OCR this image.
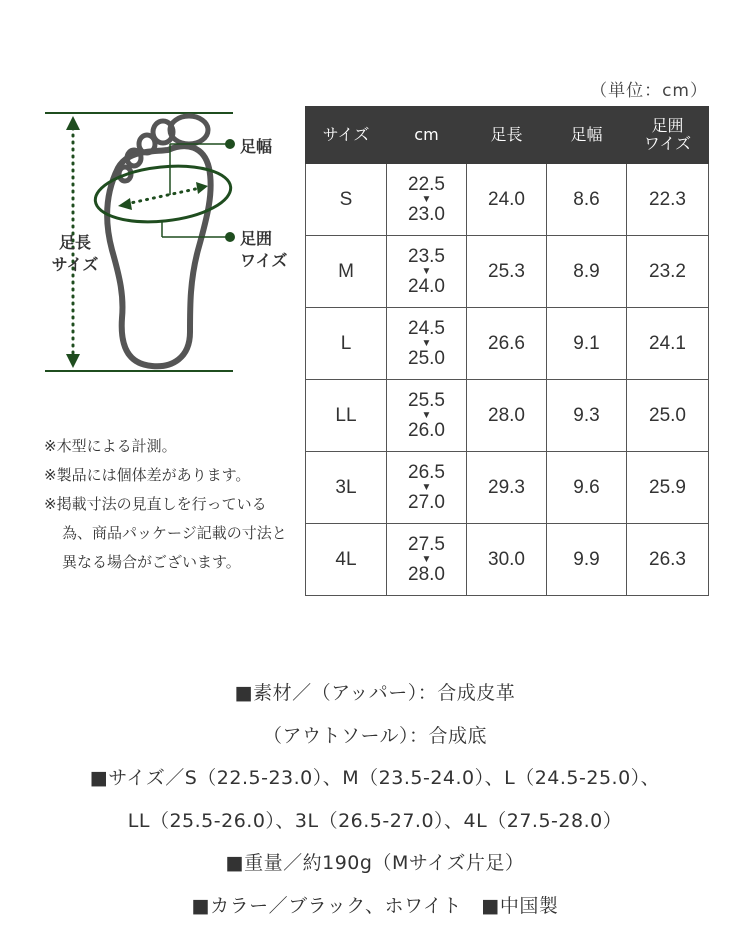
（単位：cm）
足長
サイズ
足幅
足囲
ワイズ
※木型による計測。
※製品には個体差があります。
※掲載寸法の見直しを行っている為、商品パッケージ記載の寸法と異なる場合がございます。
サイズ	cm	足長	足幅	足囲
ワイズ
S	22.5
▼
23.0	24.0	8.6	22.3
M	23.5
▼
24.0	25.3	8.9	23.2
L	24.5
▼
25.0	26.6	9.1	24.1
LL	25.5
▼
26.0	28.0	9.3	25.0
3L	26.5
▼
27.0	29.3	9.6	25.9
4L	27.5
▼
28.0	30.0	9.9	26.3
■素材／（アッパー）：合成皮革
（アウトソール）：合成底
■サイズ／S（22.5-23.0）、M（23.5-24.0）、L（24.5-25.0）、
LL（25.5-26.0）、3L（26.5-27.0）、4L（27.5-28.0）
■重量／約190g（Mサイズ片足）
■カラー／ブラック、ホワイト　■中国製
